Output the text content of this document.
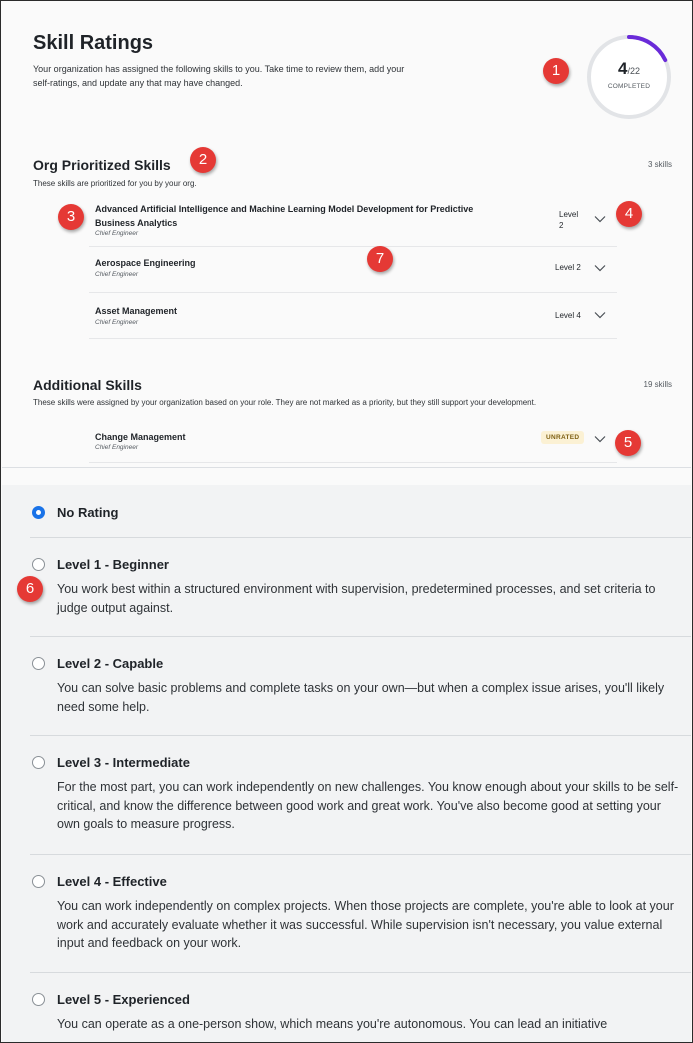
Skill Ratings
Your organization has assigned the following skills to you. Take time to review them, add your self-ratings, and update any that may have changed.
4/22
COMPLETED
Org Prioritized Skills
These skills are prioritized for you by your org.
3 skills
Advanced Artificial Intelligence and Machine Learning Model Development for Predictive
Business Analytics
Chief Engineer
Level
2
Aerospace Engineering
Chief Engineer
Level 2
Asset Management
Chief Engineer
Level 4
Additional Skills
These skills were assigned by your organization based on your role. They are not marked as a priority, but they still support your development.
19 skills
Change Management
Chief Engineer
UNRATED
No Rating
Level 1 - Beginner
You work best within a structured environment with supervision, predetermined processes, and set criteria to judge output against.
Level 2 - Capable
You can solve basic problems and complete tasks on your own—but when a complex issue arises, you'll likely need some help.
Level 3 - Intermediate
For the most part, you can work independently on new challenges. You know enough about your skills to be self-critical, and know the difference between good work and great work. You've also become good at setting your own goals to measure progress.
Level 4 - Effective
You can work independently on complex projects. When those projects are complete, you're able to look at your work and accurately evaluate whether it was successful. While supervision isn't necessary, you value external input and feedback on your work.
Level 5 - Experienced
You can operate as a one-person show, which means you're autonomous. You can lead an initiative
1
2
3	4
5
6
7
